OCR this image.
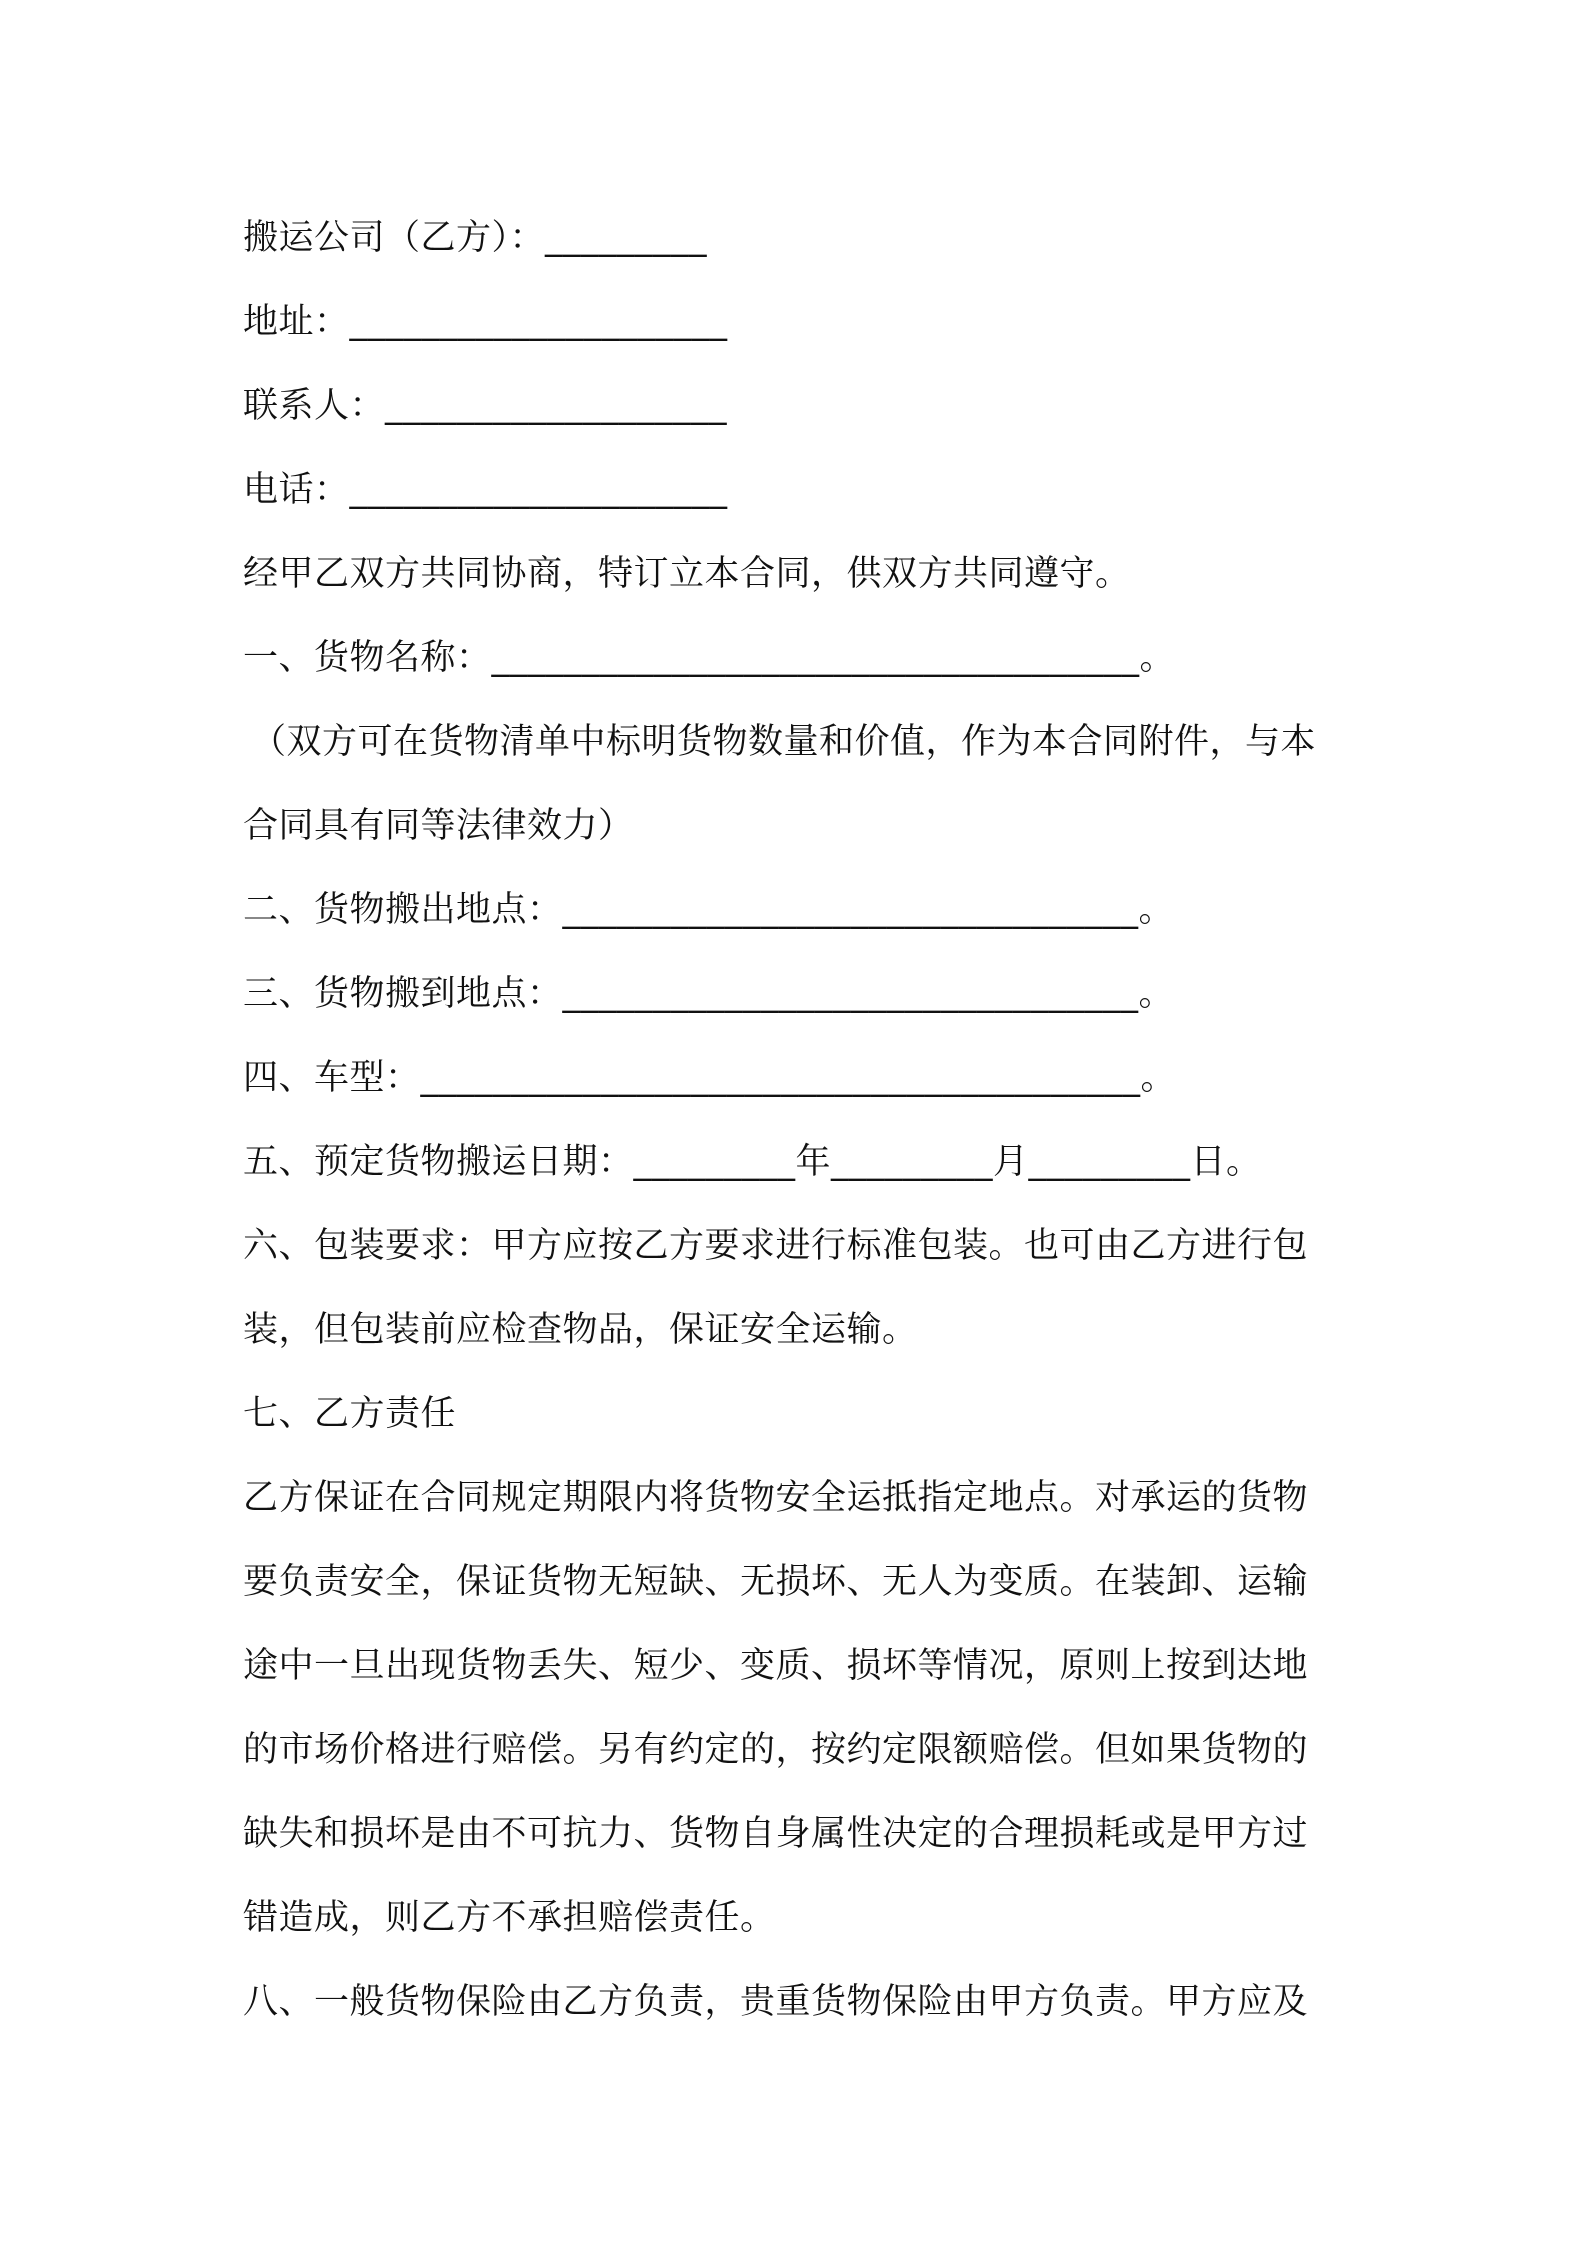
搬运公司（乙方）：_________
地址：_____________________
联系人：___________________
电话：_____________________
经甲乙双方共同协商，特订立本合同，供双方共同遵守。
一、货物名称：____________________________________。
（双方可在货物清单中标明货物数量和价值，作为本合同附件，与本
合同具有同等法律效力）
二、货物搬出地点：________________________________。
三、货物搬到地点：________________________________。
四、车型：________________________________________。
五、预定货物搬运日期：_________年_________月_________日。
六、包装要求：甲方应按乙方要求进行标准包装。也可由乙方进行包
装，但包装前应检查物品，保证安全运输。
七、乙方责任
乙方保证在合同规定期限内将货物安全运抵指定地点。对承运的货物
要负责安全，保证货物无短缺、无损坏、无人为变质。在装卸、运输
途中一旦出现货物丢失、短少、变质、损坏等情况，原则上按到达地
的市场价格进行赔偿。另有约定的，按约定限额赔偿。但如果货物的
缺失和损坏是由不可抗力、货物自身属性决定的合理损耗或是甲方过
错造成，则乙方不承担赔偿责任。
八、一般货物保险由乙方负责，贵重货物保险由甲方负责。甲方应及
